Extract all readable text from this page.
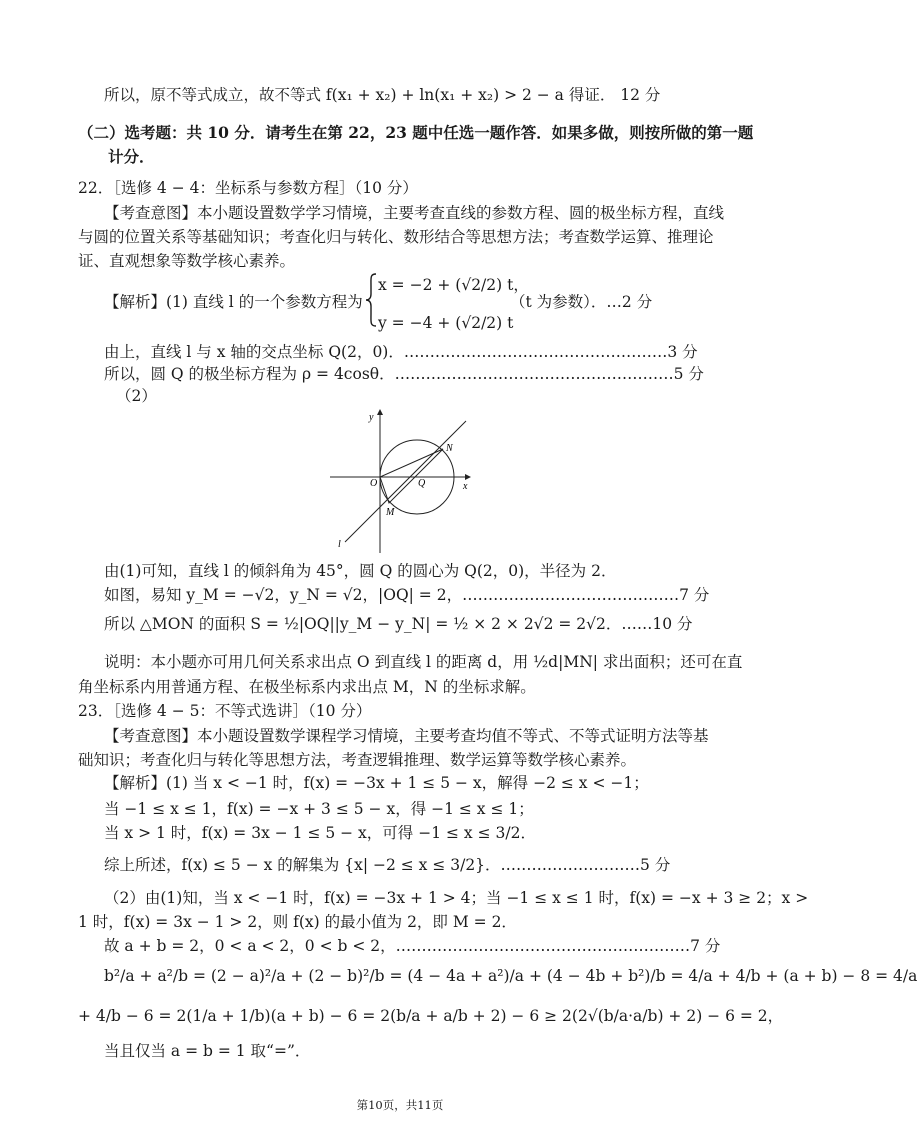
所以，原不等式成立，故不等式 f(x₁ + x₂) + ln(x₁ + x₂) > 2 − a 得证． 12 分
（二）选考题：共 10 分．请考生在第 22，23 题中任选一题作答．如果多做，则按所做的第一题
计分．
22．［选修 4 − 4：坐标系与参数方程］（10 分）
【考查意图】本小题设置数学学习情境，主要考查直线的参数方程、圆的极坐标方程，直线
与圆的位置关系等基础知识；考查化归与转化、数形结合等思想方法；考查数学运算、推理论
证、直观想象等数学核心素养。
【解析】(1) 直线 l 的一个参数方程为
x = −2 + (√2/2) t，
y = −4 + (√2/2) t
（t 为参数）．…2 分
由上，直线 l 与 x 轴的交点坐标 Q(2，0)．……………………………………………3 分
所以，圆 Q 的极坐标方程为 ρ = 4cosθ．………………………………………………5 分
（2）
由(1)可知，直线 l 的倾斜角为 45°，圆 Q 的圆心为 Q(2，0)，半径为 2．
如图，易知 y_M = −√2，y_N = √2，|OQ| = 2，……………………………………7 分
所以 △MON 的面积 S = ½|OQ||y_M − y_N| = ½ × 2 × 2√2 = 2√2．……10 分
说明：本小题亦可用几何关系求出点 O 到直线 l 的距离 d，用 ½d|MN| 求出面积；还可在直
角坐标系内用普通方程、在极坐标系内求出点 M，N 的坐标求解。
23．［选修 4 − 5：不等式选讲］（10 分）
【考查意图】本小题设置数学课程学习情境，主要考查均值不等式、不等式证明方法等基
础知识；考查化归与转化等思想方法，考查逻辑推理、数学运算等数学核心素养。
【解析】(1) 当 x < −1 时，f(x) = −3x + 1 ≤ 5 − x，解得 −2 ≤ x < −1；
当 −1 ≤ x ≤ 1，f(x) = −x + 3 ≤ 5 − x，得 −1 ≤ x ≤ 1；
当 x > 1 时，f(x) = 3x − 1 ≤ 5 − x，可得 −1 ≤ x ≤ 3/2．
综上所述，f(x) ≤ 5 − x 的解集为 {x| −2 ≤ x ≤ 3/2}．………………………5 分
（2）由(1)知，当 x < −1 时，f(x) = −3x + 1 > 4；当 −1 ≤ x ≤ 1 时，f(x) = −x + 3 ≥ 2；x >
1 时，f(x) = 3x − 1 > 2，则 f(x) 的最小值为 2，即 M = 2．
故 a + b = 2，0 < a < 2，0 < b < 2，…………………………………………………7 分
b²/a + a²/b = (2 − a)²/a + (2 − b)²/b = (4 − 4a + a²)/a + (4 − 4b + b²)/b = 4/a + 4/b + (a + b) − 8 = 4/a
+ 4/b − 6 = 2(1/a + 1/b)(a + b) − 6 = 2(b/a + a/b + 2) − 6 ≥ 2(2√(b/a·a/b) + 2) − 6 = 2，
当且仅当 a = b = 1 取“=”．
y
x
O	Q
N
M
l
第10页，共11页
